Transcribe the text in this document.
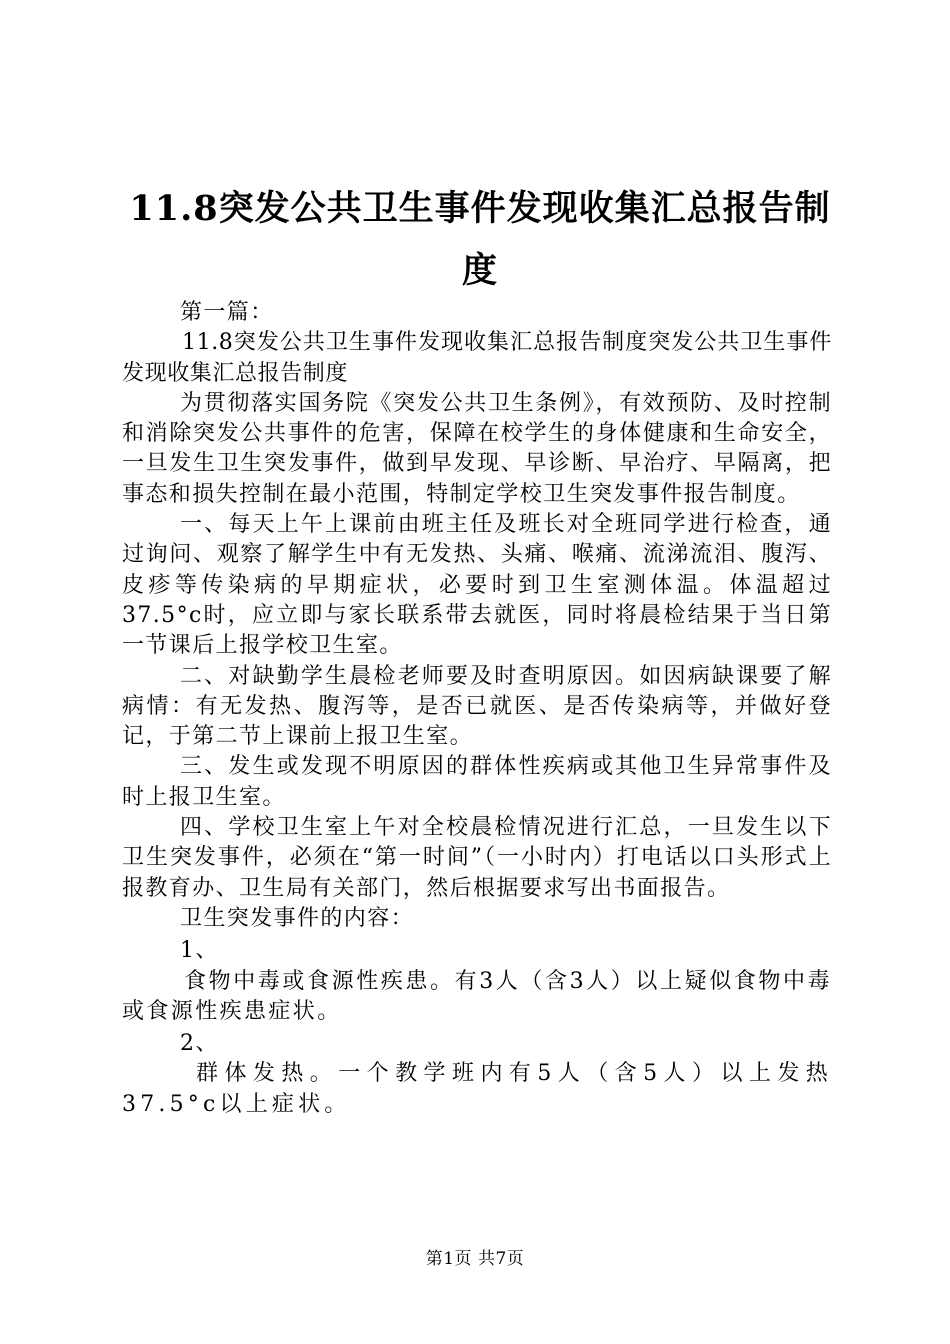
11.8突发公共卫生事件发现收集汇总报告制
度

第一篇：

11.8突发公共卫生事件发现收集汇总报告制度突发公共卫生事件发现收集汇总报告制度

为贯彻落实国务院《突发公共卫生条例》，有效预防、及时控制和消除突发公共事件的危害，保障在校学生的身体健康和生命安全，一旦发生卫生突发事件，做到早发现、早诊断、早治疗、早隔离，把事态和损失控制在最小范围，特制定学校卫生突发事件报告制度。

一、每天上午上课前由班主任及班长对全班同学进行检查，通过询问、观察了解学生中有无发热、头痛、喉痛、流涕流泪、腹泻、皮疹等传染病的早期症状，必要时到卫生室测体温。体温超过37.5°c时，应立即与家长联系带去就医，同时将晨检结果于当日第一节课后上报学校卫生室。

二、对缺勤学生晨检老师要及时查明原因。如因病缺课要了解病情：有无发热、腹泻等，是否已就医、是否传染病等，并做好登记，于第二节上课前上报卫生室。

三、发生或发现不明原因的群体性疾病或其他卫生异常事件及时上报卫生室。

四、学校卫生室上午对全校晨检情况进行汇总，一旦发生以下卫生突发事件，必须在“第一时间”（一小时内）打电话以口头形式上报教育办、卫生局有关部门，然后根据要求写出书面报告。

卫生突发事件的内容：

1、

食物中毒或食源性疾患。有3人（含3人）以上疑似食物中毒或食源性疾患症状。

2、

群体发热。一个教学班内有5人（含5人）以上发热37.5°c以上症状。

第1页 共7页
